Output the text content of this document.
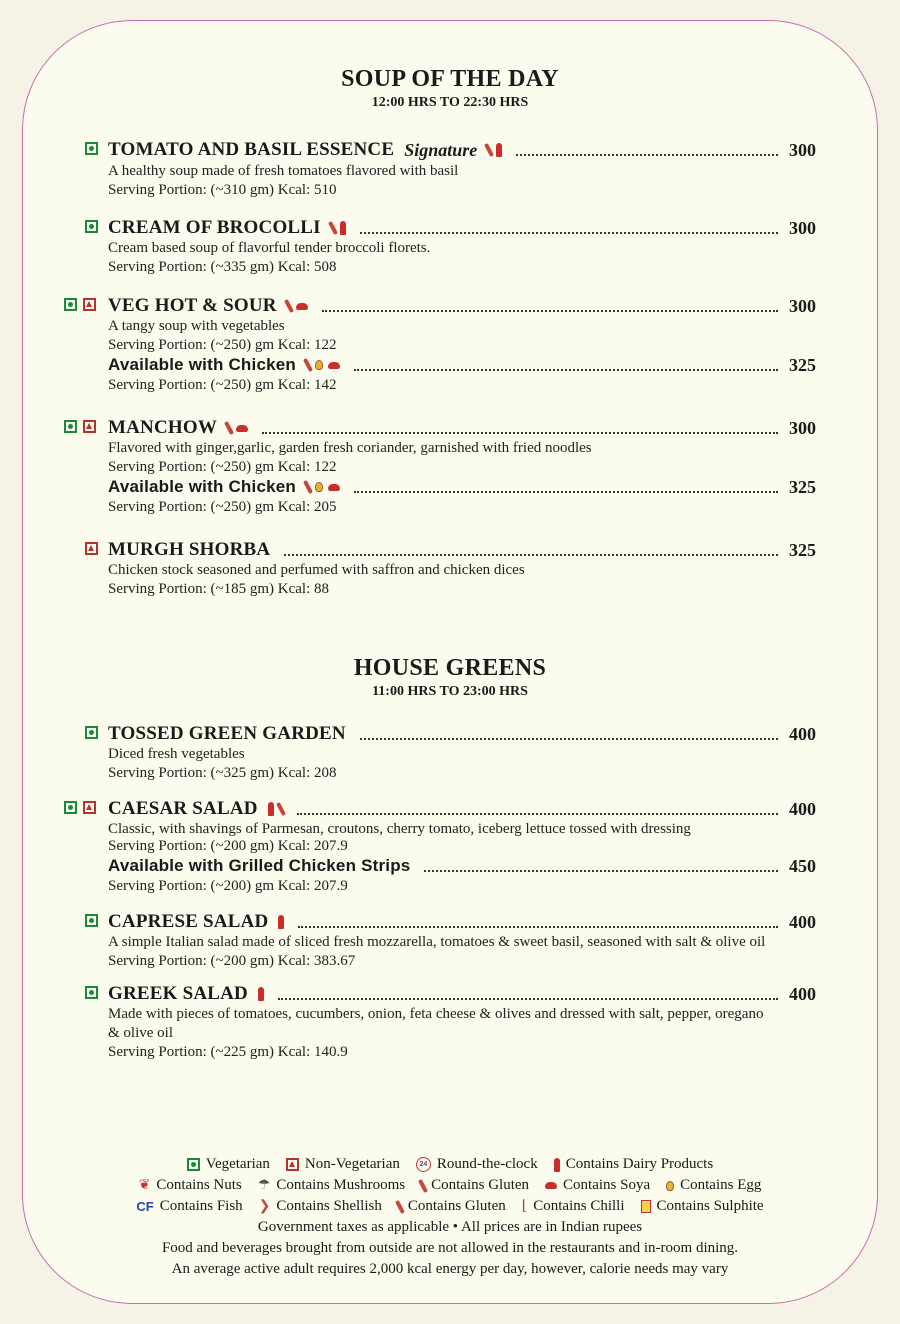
SOUP OF THE DAY
12:00 HRS TO 22:30 HRS
TOMATO AND BASIL ESSENCE Signature	300
A healthy soup made of fresh tomatoes flavored with basil
Serving Portion: (~310 gm) Kcal: 510
CREAM OF BROCOLLI	300
Cream based soup of flavorful tender broccoli florets.
Serving Portion: (~335 gm) Kcal: 508
VEG HOT & SOUR	300
A tangy soup with vegetables
Serving Portion: (~250) gm Kcal: 122
Available with Chicken	325
Serving Portion: (~250) gm Kcal: 142
MANCHOW	300
Flavored with ginger,garlic, garden fresh coriander, garnished with fried noodles
Serving Portion: (~250) gm Kcal: 122
Available with Chicken	325
Serving Portion: (~250) gm Kcal: 205
MURGH SHORBA	325
Chicken stock seasoned and perfumed with saffron and chicken dices
Serving Portion: (~185 gm) Kcal: 88
HOUSE GREENS
11:00 HRS TO 23:00 HRS
TOSSED GREEN GARDEN	400
Diced fresh vegetables
Serving Portion: (~325 gm) Kcal: 208
CAESAR SALAD	400
Classic, with shavings of Parmesan, croutons, cherry tomato, iceberg lettuce tossed with dressing
Serving Portion: (~200 gm) Kcal: 207.9
Available with Grilled Chicken Strips	450
Serving Portion: (~200) gm Kcal: 207.9
CAPRESE SALAD	400
A simple Italian salad made of sliced fresh mozzarella, tomatoes & sweet basil, seasoned with salt & olive oil
Serving Portion: (~200 gm) Kcal: 383.67
GREEK SALAD	400
Made with pieces of tomatoes, cucumbers, onion, feta cheese & olives and dressed with salt, pepper, oregano & olive oil
Serving Portion: (~225 gm) Kcal: 140.9
Vegetarian Non-Vegetarian	24 Round-the-clock Contains Dairy Products
❦ Contains Nuts ☂ Contains Mushrooms Contains Gluten Contains Soya Contains Egg
CF Contains Fish ❯ Contains Shellish Contains Gluten ⌊ Contains Chilli Contains Sulphite
Government taxes as applicable • All prices are in Indian rupees
Food and beverages brought from outside are not allowed in the restaurants and in-room dining.
An average active adult requires 2,000 kcal energy per day, however, calorie needs may vary
